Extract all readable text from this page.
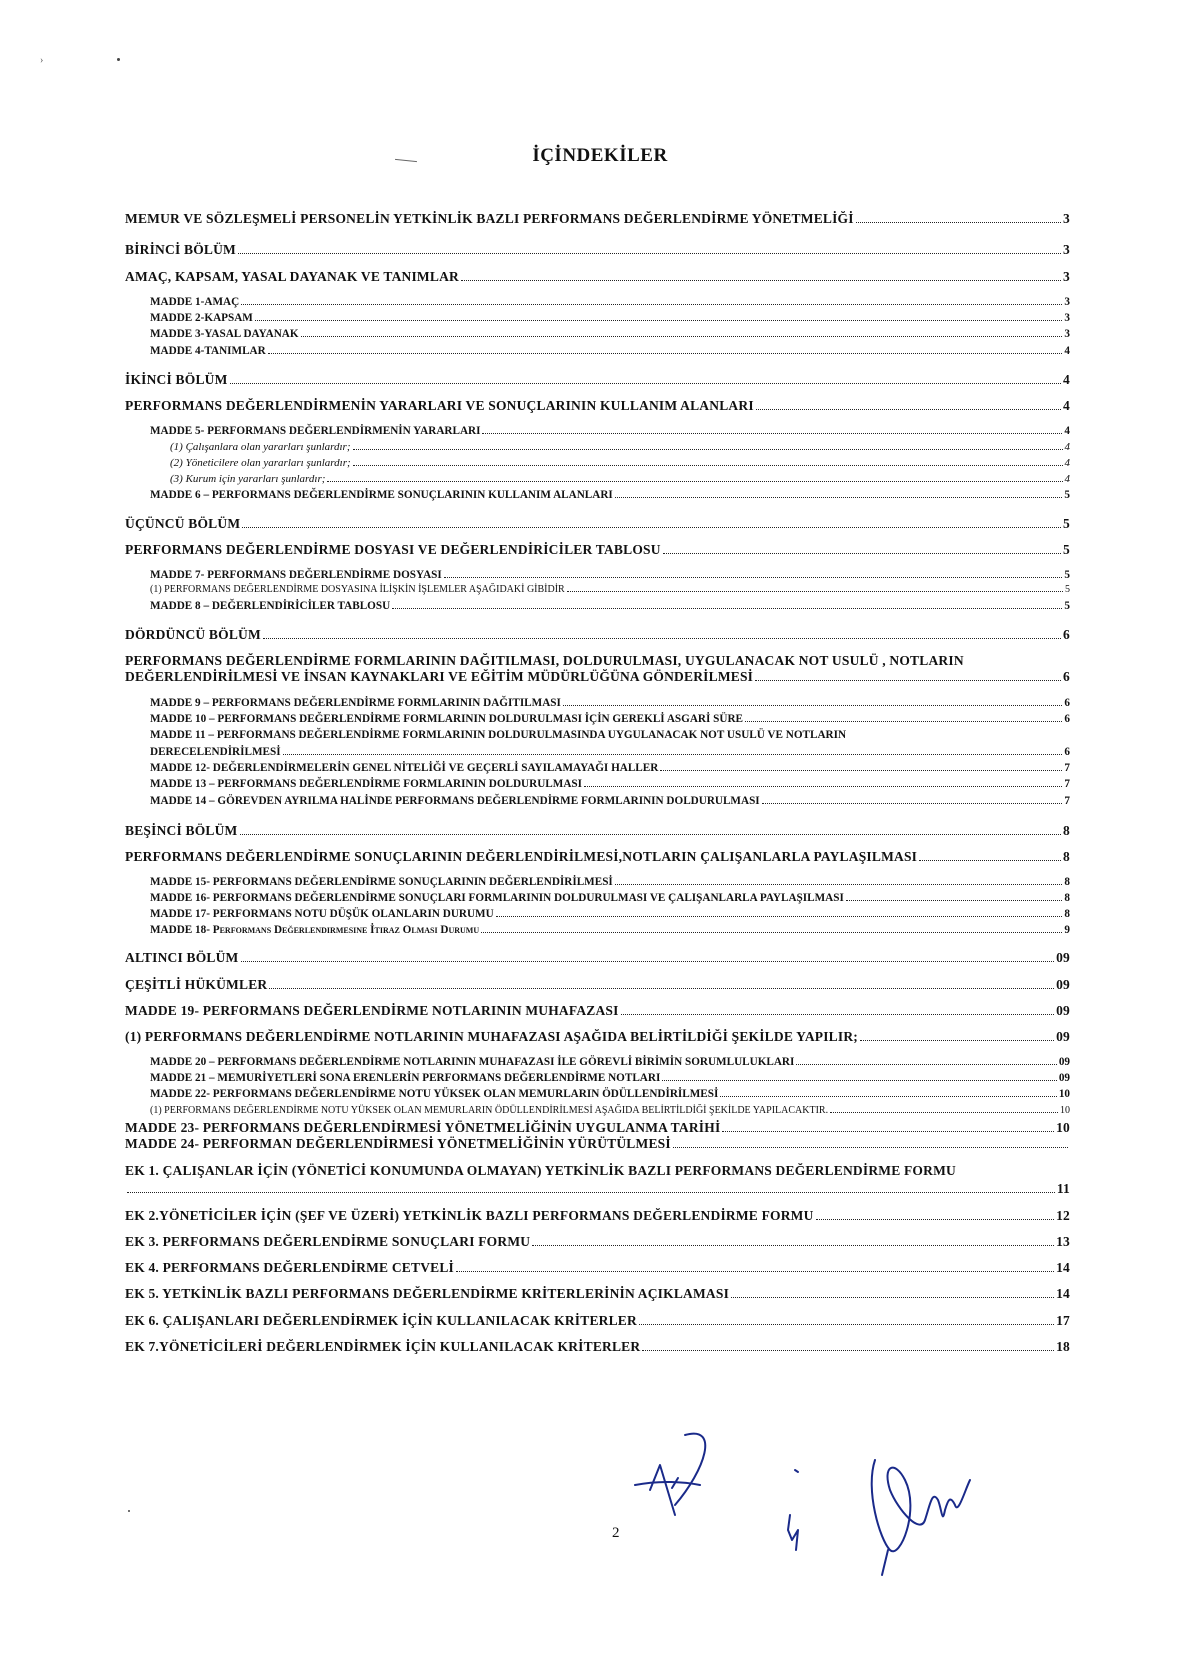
›
İÇİNDEKİLER
MEMUR VE SÖZLEŞMELİ PERSONELİN YETKİNLİK BAZLI PERFORMANS DEĞERLENDİRME YÖNETMELİĞİ	3
BİRİNCİ BÖLÜM	3
AMAÇ, KAPSAM, YASAL DAYANAK VE TANIMLAR	3
MADDE 1-AMAÇ	3
MADDE 2-KAPSAM	3
MADDE 3-YASAL DAYANAK	3
MADDE 4-TANIMLAR	4
İKİNCİ BÖLÜM	4
PERFORMANS DEĞERLENDİRMENİN YARARLARI VE SONUÇLARININ KULLANIM ALANLARI	4
MADDE 5- PERFORMANS DEĞERLENDİRMENİN YARARLARI	4
(1) Çalışanlara olan yararları şunlardır;	4
(2) Yöneticilere olan yararları şunlardır;	4
(3) Kurum için yararları şunlardır;	4
MADDE 6 – PERFORMANS DEĞERLENDİRME SONUÇLARININ KULLANIM ALANLARI	5
ÜÇÜNCÜ BÖLÜM	5
PERFORMANS DEĞERLENDİRME DOSYASI VE DEĞERLENDİRİCİLER TABLOSU	5
MADDE 7- PERFORMANS DEĞERLENDİRME DOSYASI	5
(1) PERFORMANS DEĞERLENDİRME DOSYASINA İLİŞKİN İŞLEMLER AŞAĞIDAKİ GİBİDİR	5
MADDE 8 – DEĞERLENDİRİCİLER TABLOSU	5
DÖRDÜNCÜ BÖLÜM	6
PERFORMANS DEĞERLENDİRME FORMLARININ DAĞITILMASI, DOLDURULMASI, UYGULANACAK NOT USULÜ , NOTLARIN
DEĞERLENDİRİLMESİ VE İNSAN KAYNAKLARI VE EĞİTİM MÜDÜRLÜĞÜNA GÖNDERİLMESİ	6
MADDE 9 – PERFORMANS DEĞERLENDİRME FORMLARININ DAĞITILMASI	6
MADDE 10 – PERFORMANS DEĞERLENDİRME FORMLARININ DOLDURULMASI İÇİN GEREKLİ ASGARİ SÜRE	6
MADDE 11 – PERFORMANS DEĞERLENDİRME FORMLARININ DOLDURULMASINDA UYGULANACAK NOT USULÜ VE NOTLARIN
DERECELENDİRİLMESİ	6
MADDE 12- DEĞERLENDİRMELERİN GENEL NİTELİĞİ VE GEÇERLİ SAYILAMAYAĞI HALLER	7
MADDE 13 – PERFORMANS DEĞERLENDİRME FORMLARININ DOLDURULMASI	7
MADDE 14 – GÖREVDEN AYRILMA HALİNDE PERFORMANS DEĞERLENDİRME FORMLARININ DOLDURULMASI	7
BEŞİNCİ BÖLÜM	8
PERFORMANS DEĞERLENDİRME SONUÇLARININ DEĞERLENDİRİLMESİ,NOTLARIN ÇALIŞANLARLA PAYLAŞILMASI	8
MADDE 15- PERFORMANS DEĞERLENDİRME SONUÇLARININ DEĞERLENDİRİLMESİ	8
MADDE 16- PERFORMANS DEĞERLENDİRME SONUÇLARI FORMLARININ DOLDURULMASI VE ÇALIŞANLARLA PAYLAŞILMASI	8
MADDE 17- PERFORMANS NOTU DÜŞÜK OLANLARIN DURUMU	8
MADDE 18- Performans Değerlendirmesine İtiraz Olması Durumu	9
ALTINCI BÖLÜM	09
ÇEŞİTLİ HÜKÜMLER	09
MADDE 19- PERFORMANS DEĞERLENDİRME NOTLARININ MUHAFAZASI	09
(1) PERFORMANS DEĞERLENDİRME NOTLARININ MUHAFAZASI AŞAĞIDA BELİRTİLDİĞİ ŞEKİLDE YAPILIR;	09
MADDE 20 – PERFORMANS DEĞERLENDİRME NOTLARININ MUHAFAZASI İLE GÖREVLİ BİRİMİN SORUMLULUKLARI	09
MADDE 21 – MEMURİYETLERİ SONA ERENLERİN PERFORMANS DEĞERLENDİRME NOTLARI	09
MADDE 22- PERFORMANS DEĞERLENDİRME NOTU YÜKSEK OLAN MEMURLARIN ÖDÜLLENDİRİLMESİ	10
(1) PERFORMANS DEĞERLENDİRME NOTU YÜKSEK OLAN MEMURLARIN ÖDÜLLENDİRİLMESİ AŞAĞIDA BELİRTİLDİĞİ ŞEKİLDE YAPILACAKTIR.	10
MADDE 23- PERFORMANS DEĞERLENDİRMESİ YÖNETMELİĞİNİN UYGULANMA TARİHİ	10
MADDE 24- PERFORMAN DEĞERLENDİRMESİ YÖNETMELİĞİNİN YÜRÜTÜLMESİ
EK 1. ÇALIŞANLAR İÇİN (YÖNETİCİ KONUMUNDA OLMAYAN) YETKİNLİK BAZLI PERFORMANS DEĞERLENDİRME FORMU
11
EK 2.YÖNETİCİLER İÇİN (ŞEF VE ÜZERİ) YETKİNLİK BAZLI PERFORMANS DEĞERLENDİRME FORMU	12
EK 3. PERFORMANS DEĞERLENDİRME SONUÇLARI FORMU	13
EK 4. PERFORMANS DEĞERLENDİRME CETVELİ	14
EK 5. YETKİNLİK BAZLI PERFORMANS DEĞERLENDİRME KRİTERLERİNİN AÇIKLAMASI	14
EK 6. ÇALIŞANLARI DEĞERLENDİRMEK İÇİN KULLANILACAK KRİTERLER	17
EK 7.YÖNETİCİLERİ DEĞERLENDİRMEK İÇİN KULLANILACAK KRİTERLER	18
2
